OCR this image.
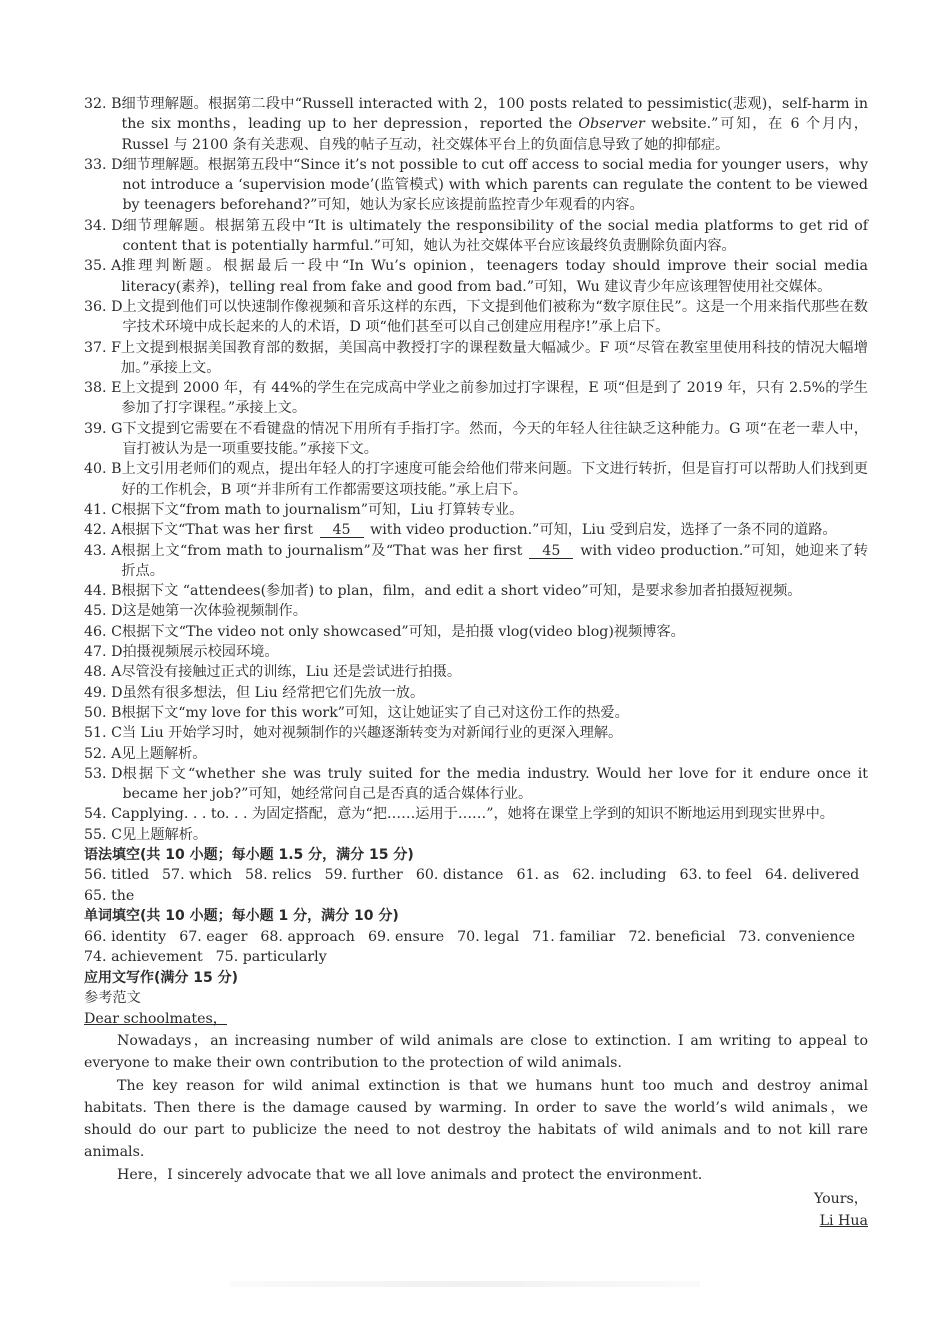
32. B 细节理解题。根据第二段中“Russell interacted with 2，100 posts related to pessimistic(悲观)，self-harm in the six months，leading up to her depression，reported the Observer website.”可知，在 6 个月内，Russel 与 2100 条有关悲观、自残的帖子互动，社交媒体平台上的负面信息导致了她的抑郁症。
33. D 细节理解题。根据第五段中“Since it’s not possible to cut off access to social media for younger users，why not introduce a ‘supervision mode’(监管模式) with which parents can regulate the content to be viewed by teenagers beforehand?”可知，她认为家长应该提前监控青少年观看的内容。
34. D 细节理解题。根据第五段中“It is ultimately the responsibility of the social media platforms to get rid of content that is potentially harmful.”可知，她认为社交媒体平台应该最终负责删除负面内容。
35. A 推理判断题。根据最后一段中“In Wu’s opinion，teenagers today should improve their social media literacy(素养)，telling real from fake and good from bad.”可知，Wu 建议青少年应该理智使用社交媒体。
36. D 上文提到他们可以快速制作像视频和音乐这样的东西，下文提到他们被称为“数字原住民”。这是一个用来指代那些在数字技术环境中成长起来的人的术语，D 项“他们甚至可以自己创建应用程序!”承上启下。
37. F 上文提到根据美国教育部的数据，美国高中教授打字的课程数量大幅减少。F 项“尽管在教室里使用科技的情况大幅增加。”承接上文。
38. E 上文提到 2000 年，有 44%的学生在完成高中学业之前参加过打字课程，E 项“但是到了 2019 年，只有 2.5%的学生参加了打字课程。”承接上文。
39. G 下文提到它需要在不看键盘的情况下用所有手指打字。然而，今天的年轻人往往缺乏这种能力。G 项“在老一辈人中，盲打被认为是一项重要技能。”承接下文。
40. B 上文引用老师们的观点，提出年轻人的打字速度可能会给他们带来问题。下文进行转折，但是盲打可以帮助人们找到更好的工作机会，B 项“并非所有工作都需要这项技能。”承上启下。
41. C 根据下文“from math to journalism”可知，Liu 打算转专业。
42. A 根据下文“That was her first 45 with video production.”可知，Liu 受到启发，选择了一条不同的道路。
43. A 根据上文“from math to journalism”及“That was her first 45 with video production.”可知，她迎来了转折点。
44. B 根据下文 “attendees(参加者) to plan，film，and edit a short video”可知，是要求参加者拍摄短视频。
45. D 这是她第一次体验视频制作。
46. C 根据下文“The video not only showcased”可知，是拍摄 vlog(video blog)视频博客。
47. D 拍摄视频展示校园环境。
48. A 尽管没有接触过正式的训练，Liu 还是尝试进行拍摄。
49. D 虽然有很多想法，但 Liu 经常把它们先放一放。
50. B 根据下文“my love for this work”可知，这让她证实了自己对这份工作的热爱。
51. C 当 Liu 开始学习时，她对视频制作的兴趣逐渐转变为对新闻行业的更深入理解。
52. A 见上题解析。
53. D 根据下文“whether she was truly suited for the media industry. Would her love for it endure once it became her job?”可知，她经常问自己是否真的适合媒体行业。
54. C applying. . . to. . . 为固定搭配，意为“把……运用于……”，她将在课堂上学到的知识不断地运用到现实世界中。
55. C 见上题解析。
语法填空(共 10 小题；每小题 1.5 分，满分 15 分)
56. titled 57. which 58. relics 59. further 60. distance 61. as 62. including 63. to feel 64. delivered
65. the
单词填空(共 10 小题；每小题 1 分，满分 10 分)
66. identity 67. eager 68. approach 69. ensure 70. legal 71. familiar 72. beneficial 73. convenience
74. achievement 75. particularly
应用文写作(满分 15 分)
参考范文
Dear schoolmates，
Nowadays，an increasing number of wild animals are close to extinction. I am writing to appeal to everyone to make their own contribution to the protection of wild animals.
The key reason for wild animal extinction is that we humans hunt too much and destroy animal habitats. Then there is the damage caused by warming. In order to save the world’s wild animals，we should do our part to publicize the need to not destroy the habitats of wild animals and to not kill rare animals.
Here，I sincerely advocate that we all love animals and protect the environment.
Yours，
Li Hua
